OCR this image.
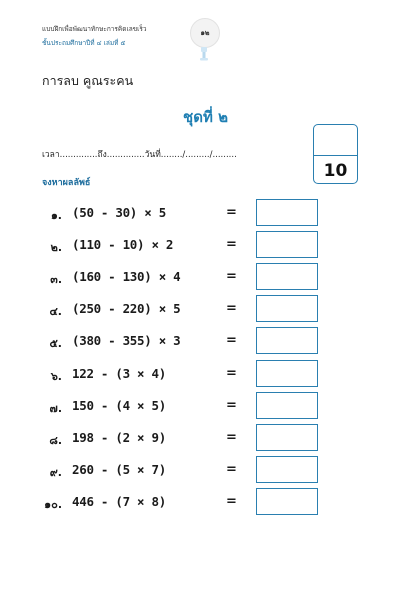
แบบฝึกเพื่อพัฒนาทักษะการคิดเลขเร็ว
ชั้นประถมศึกษาปีที่ ๔ เล่มที่ ๕
๑๒
การลบ คูณระคน
ชุดที่ ๒
10
เวลา..............ถึง..............วันที่......../........./.........
จงหาผลลัพธ์
๑. (50 - 30) × 5	=
๒. (110 - 10) × 2	=
๓. (160 - 130) × 4	=
๔. (250 - 220) × 5	=
๕. (380 - 355) × 3	=
๖. 122 - (3 × 4)	=
๗. 150 - (4 × 5)	=
๘. 198 - (2 × 9)	=
๙. 260 - (5 × 7)	=
๑๐. 446 - (7 × 8)	=
